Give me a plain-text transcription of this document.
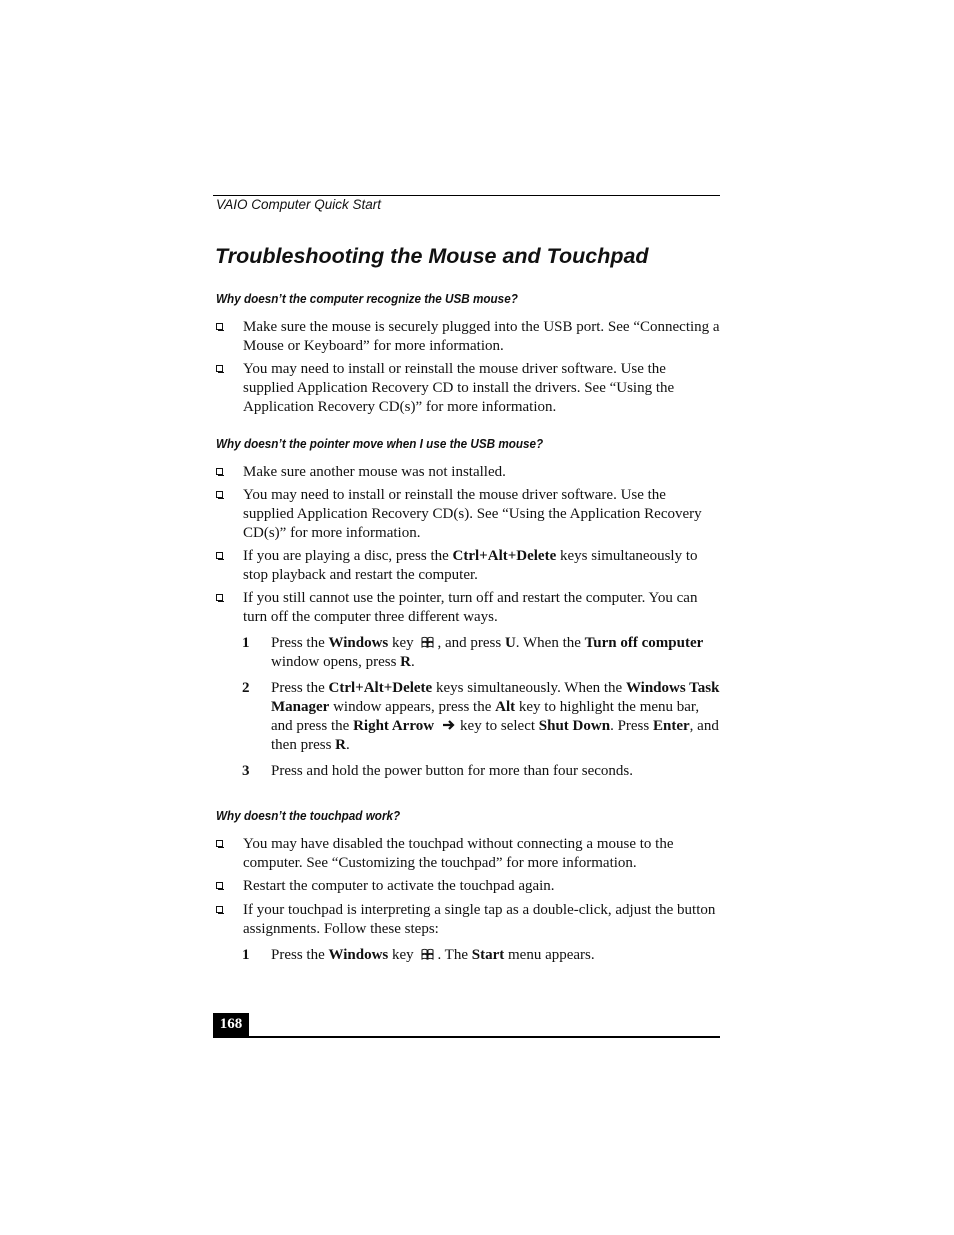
VAIO Computer Quick Start
Troubleshooting the Mouse and Touchpad
Why doesn’t the computer recognize the USB mouse?
Make sure the mouse is securely plugged into the USB port. See “Connecting a Mouse or Keyboard” for more information.
You may need to install or reinstall the mouse driver software. Use the supplied Application Recovery CD to install the drivers. See “Using the Application Recovery CD(s)” for more information.
Why doesn’t the pointer move when I use the USB mouse?
Make sure another mouse was not installed.
You may need to install or reinstall the mouse driver software. Use the supplied Application Recovery CD(s). See “Using the Application Recovery CD(s)” for more information.
If you are playing a disc, press the Ctrl+Alt+Delete keys simultaneously to stop playback and restart the computer.
If you still cannot use the pointer, turn off and restart the computer. You can turn off the computer three different ways.
1 Press the Windows key , and press U. When the Turn off computer window opens, press R.
2 Press the Ctrl+Alt+Delete keys simultaneously. When the Windows Task Manager window appears, press the Alt key to highlight the menu bar, and press the Right Arrow key to select Shut Down. Press Enter, and then press R.
3 Press and hold the power button for more than four seconds.
Why doesn’t the touchpad work?
You may have disabled the touchpad without connecting a mouse to the computer. See “Customizing the touchpad” for more information.
Restart the computer to activate the touchpad again.
If your touchpad is interpreting a single tap as a double-click, adjust the button assignments. Follow these steps:
1 Press the Windows key . The Start menu appears.
168
